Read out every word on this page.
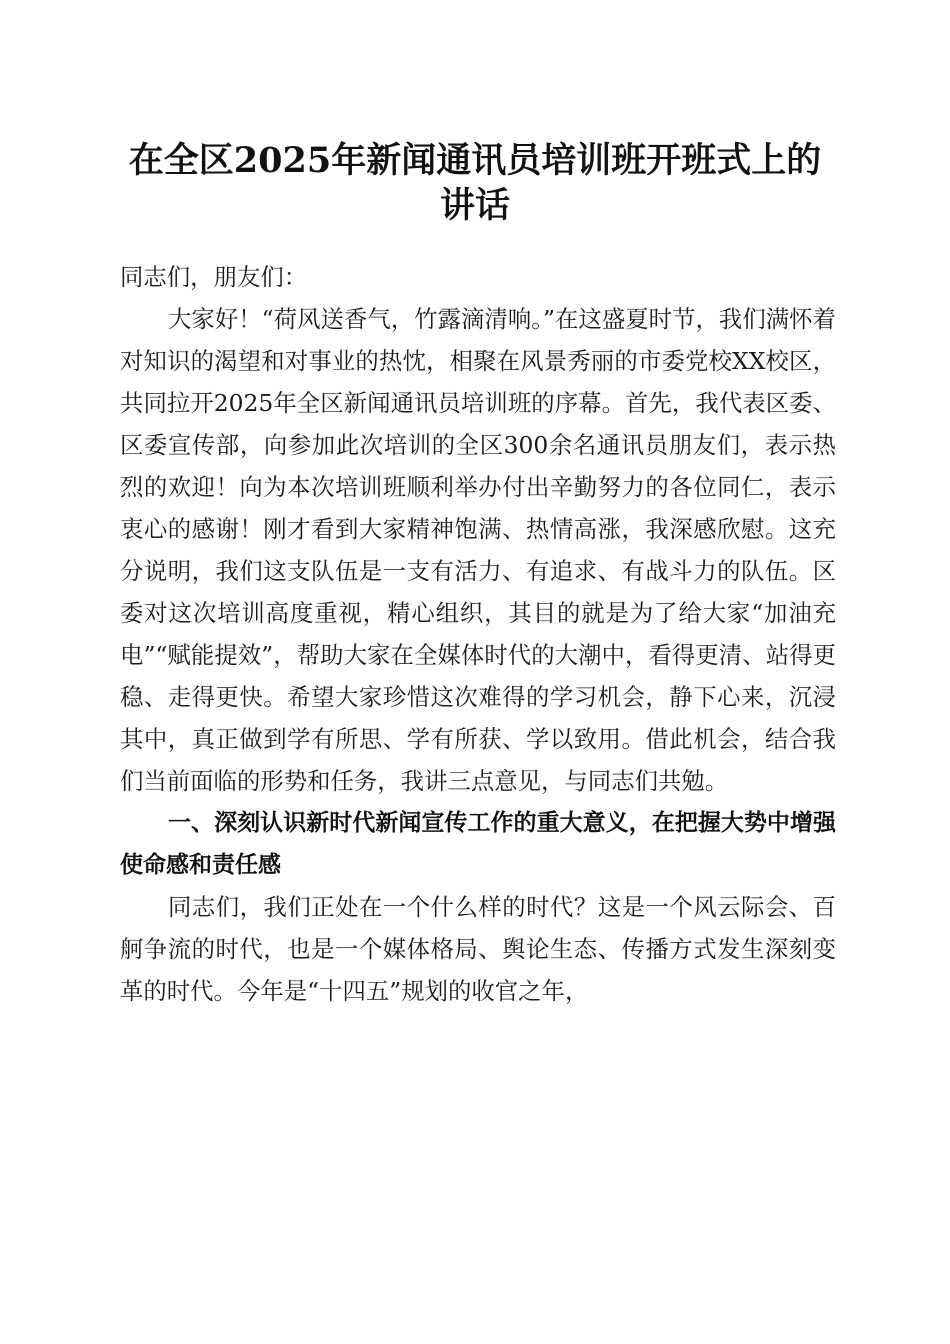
在全区2025年新闻通讯员培训班开班式上的
讲话

同志们，朋友们：

大家好！“荷风送香气，竹露滴清响。”在这盛夏时节，我们满怀着对知识的渴望和对事业的热忱，相聚在风景秀丽的市委党校XX校区，共同拉开2025年全区新闻通讯员培训班的序幕。首先，我代表区委、区委宣传部，向参加此次培训的全区300余名通讯员朋友们，表示热烈的欢迎！向为本次培训班顺利举办付出辛勤努力的各位同仁，表示衷心的感谢！刚才看到大家精神饱满、热情高涨，我深感欣慰。这充分说明，我们这支队伍是一支有活力、有追求、有战斗力的队伍。区委对这次培训高度重视，精心组织，其目的就是为了给大家“加油充电”“赋能提效”，帮助大家在全媒体时代的大潮中，看得更清、站得更稳、走得更快。希望大家珍惜这次难得的学习机会，静下心来，沉浸其中，真正做到学有所思、学有所获、学以致用。借此机会，结合我们当前面临的形势和任务，我讲三点意见，与同志们共勉。

一、深刻认识新时代新闻宣传工作的重大意义，在把握大势中增强使命感和责任感

同志们，我们正处在一个什么样的时代？这是一个风云际会、百舸争流的时代，也是一个媒体格局、舆论生态、传播方式发生深刻变革的时代。今年是“十四五”规划的收官之年，
